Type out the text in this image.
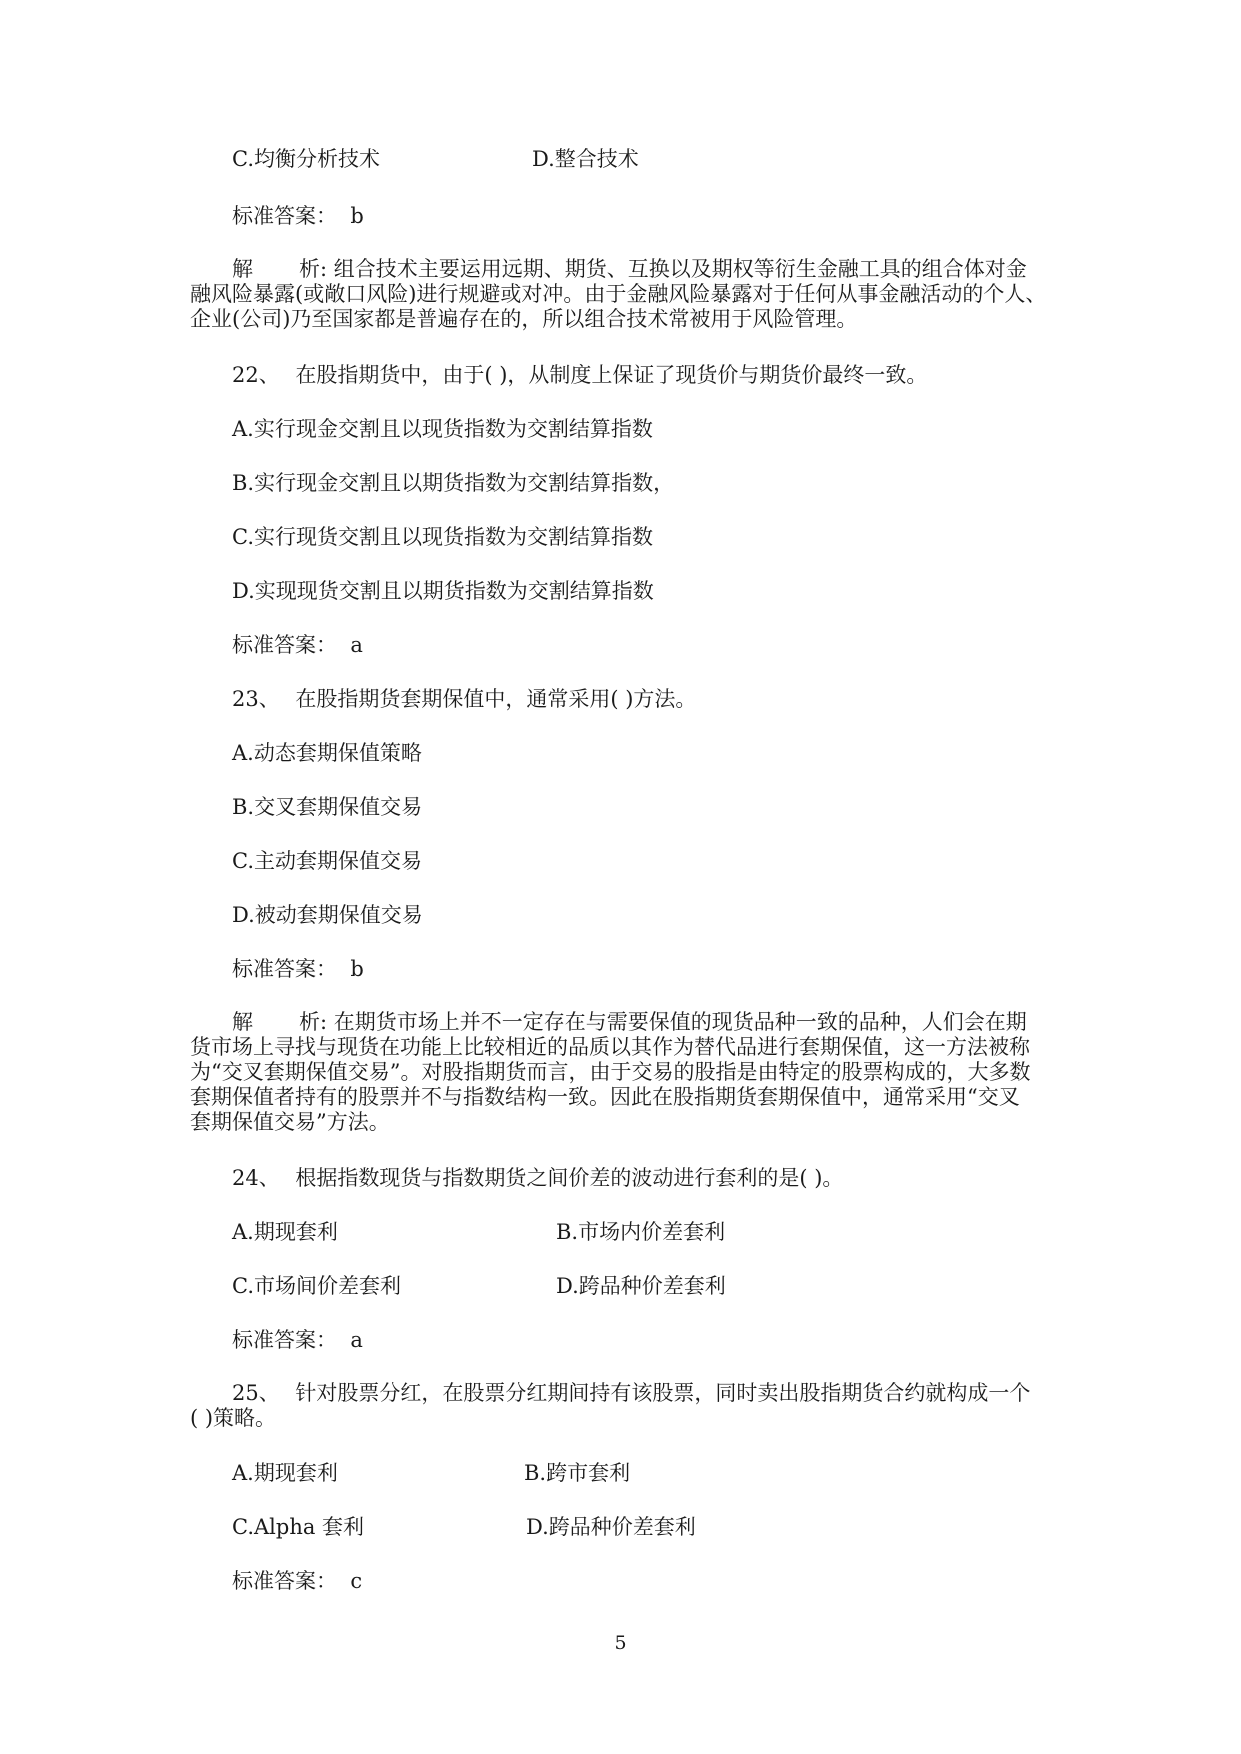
C.均衡分析技术	D.整合技术
标准答案： b
解 析: 组合技术主要运用远期、期货、互换以及期权等衍生金融工具的组合体对金
融风险暴露(或敞口风险)进行规避或对冲。由于金融风险暴露对于任何从事金融活动的个人、
企业(公司)乃至国家都是普遍存在的，所以组合技术常被用于风险管理。
22、 在股指期货中，由于( )，从制度上保证了现货价与期货价最终一致。
A.实行现金交割且以现货指数为交割结算指数
B.实行现金交割且以期货指数为交割结算指数，
C.实行现货交割且以现货指数为交割结算指数
D.实现现货交割且以期货指数为交割结算指数
标准答案： a
23、 在股指期货套期保值中，通常采用( )方法。
A.动态套期保值策略
B.交叉套期保值交易
C.主动套期保值交易
D.被动套期保值交易
标准答案： b
解 析: 在期货市场上并不一定存在与需要保值的现货品种一致的品种，人们会在期
货市场上寻找与现货在功能上比较相近的品质以其作为替代品进行套期保值，这一方法被称
为“交叉套期保值交易”。对股指期货而言，由于交易的股指是由特定的股票构成的，大多数
套期保值者持有的股票并不与指数结构一致。因此在股指期货套期保值中，通常采用“交叉
套期保值交易”方法。
24、 根据指数现货与指数期货之间价差的波动进行套利的是( )。
A.期现套利	B.市场内价差套利
C.市场间价差套利	D.跨品种价差套利
标准答案： a
25、 针对股票分红，在股票分红期间持有该股票，同时卖出股指期货合约就构成一个
( )策略。
A.期现套利	B.跨市套利
C.Alpha 套利	D.跨品种价差套利
标准答案： c
5
